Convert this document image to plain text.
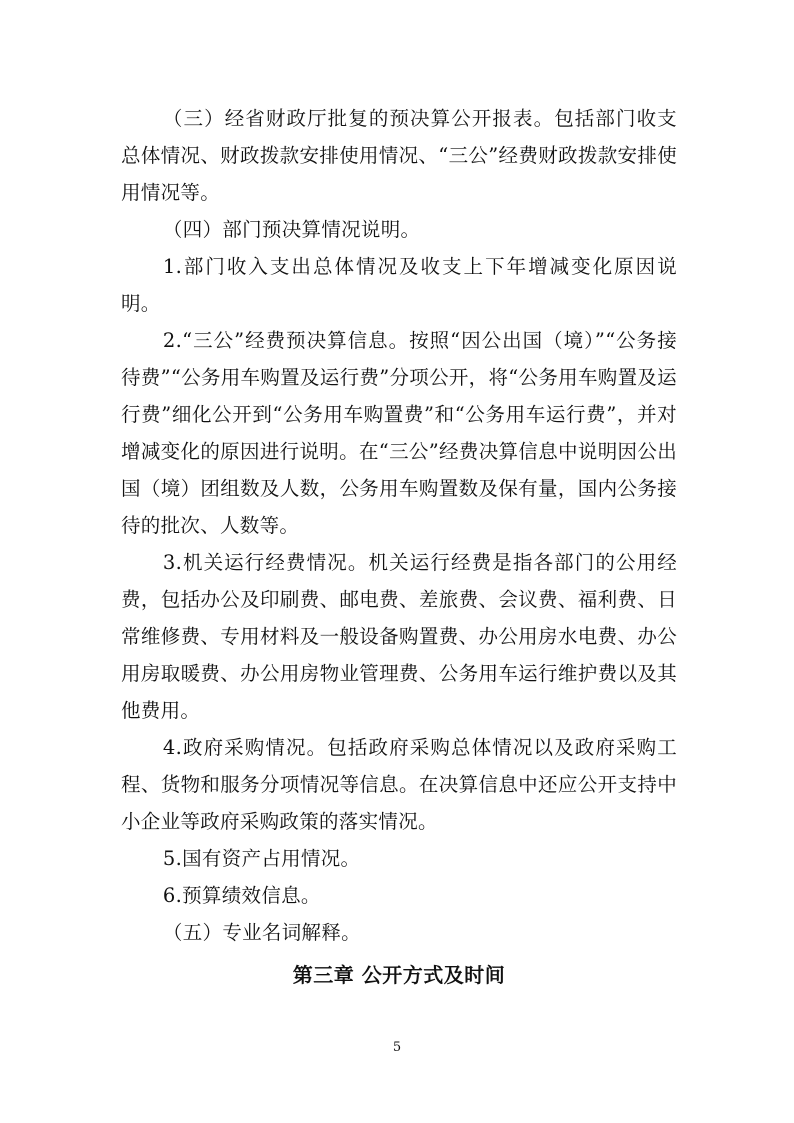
（三）经省财政厅批复的预决算公开报表。包括部门收支总体情况、财政拨款安排使用情况、“三公”经费财政拨款安排使用情况等。

（四）部门预决算情况说明。

1.部门收入支出总体情况及收支上下年增减变化原因说明。

2.“三公”经费预决算信息。按照“因公出国（境）”“公务接待费”“公务用车购置及运行费”分项公开，将“公务用车购置及运行费”细化公开到“公务用车购置费”和“公务用车运行费”，并对增减变化的原因进行说明。在“三公”经费决算信息中说明因公出国（境）团组数及人数，公务用车购置数及保有量，国内公务接待的批次、人数等。

3.机关运行经费情况。机关运行经费是指各部门的公用经费，包括办公及印刷费、邮电费、差旅费、会议费、福利费、日常维修费、专用材料及一般设备购置费、办公用房水电费、办公用房取暖费、办公用房物业管理费、公务用车运行维护费以及其他费用。

4.政府采购情况。包括政府采购总体情况以及政府采购工程、货物和服务分项情况等信息。在决算信息中还应公开支持中小企业等政府采购政策的落实情况。

5.国有资产占用情况。

6.预算绩效信息。

（五）专业名词解释。

第三章 公开方式及时间
5
